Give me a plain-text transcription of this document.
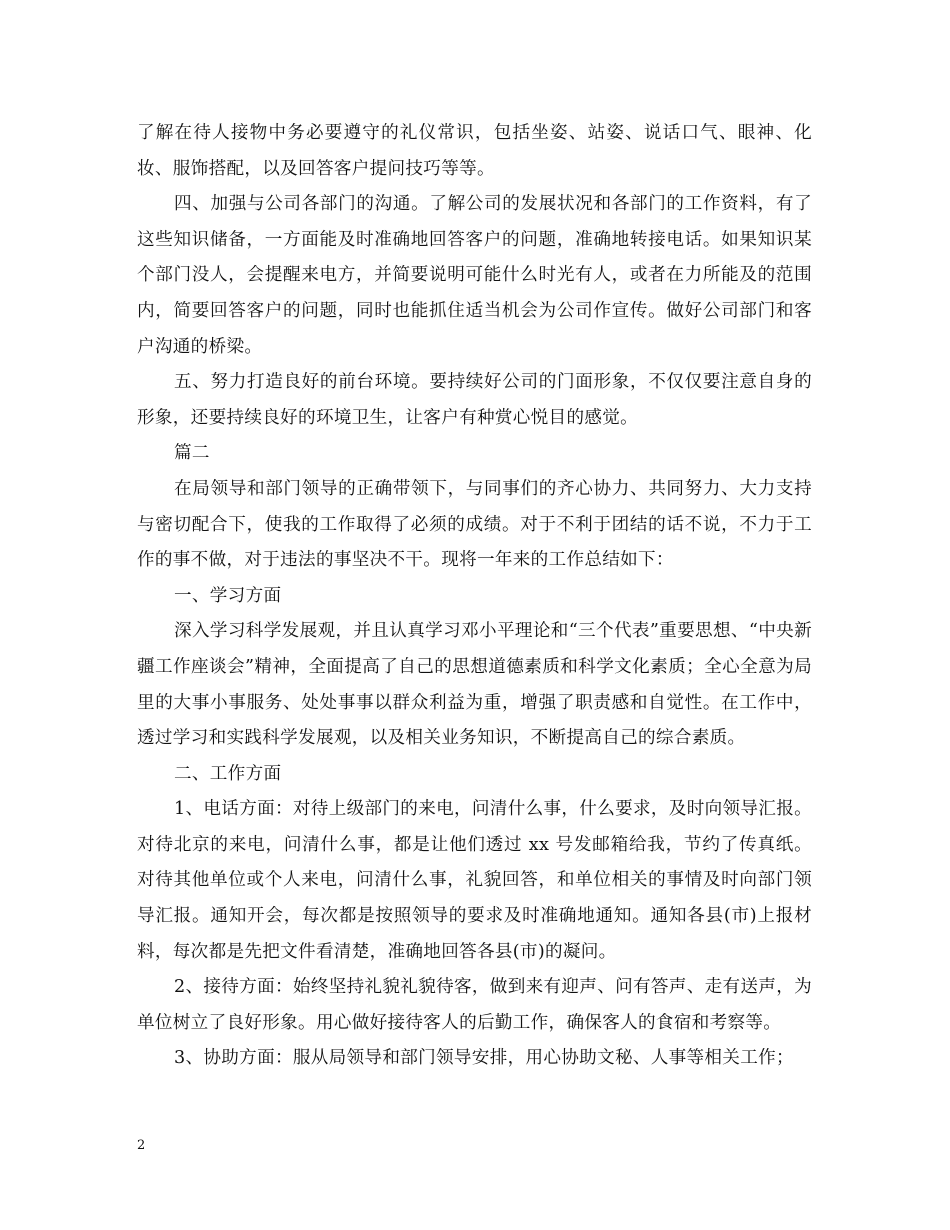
了解在待人接物中务必要遵守的礼仪常识，包括坐姿、站姿、说话口气、眼神、化妆、服饰搭配，以及回答客户提问技巧等等。

四、加强与公司各部门的沟通。了解公司的发展状况和各部门的工作资料，有了这些知识储备，一方面能及时准确地回答客户的问题，准确地转接电话。如果知识某个部门没人，会提醒来电方，并简要说明可能什么时光有人，或者在力所能及的范围内，简要回答客户的问题，同时也能抓住适当机会为公司作宣传。做好公司部门和客户沟通的桥梁。

五、努力打造良好的前台环境。要持续好公司的门面形象，不仅仅要注意自身的形象，还要持续良好的环境卫生，让客户有种赏心悦目的感觉。

篇二

在局领导和部门领导的正确带领下，与同事们的齐心协力、共同努力、大力支持与密切配合下，使我的工作取得了必须的成绩。对于不利于团结的话不说，不力于工作的事不做，对于违法的事坚决不干。现将一年来的工作总结如下：

一、学习方面

深入学习科学发展观，并且认真学习邓小平理论和“三个代表”重要思想、“中央新疆工作座谈会”精神，全面提高了自己的思想道德素质和科学文化素质；全心全意为局里的大事小事服务、处处事事以群众利益为重，增强了职责感和自觉性。在工作中，透过学习和实践科学发展观，以及相关业务知识，不断提高自己的综合素质。

二、工作方面

1、电话方面：对待上级部门的来电，问清什么事，什么要求，及时向领导汇报。对待北京的来电，问清什么事，都是让他们透过 xx 号发邮箱给我，节约了传真纸。对待其他单位或个人来电，问清什么事，礼貌回答，和单位相关的事情及时向部门领导汇报。通知开会，每次都是按照领导的要求及时准确地通知。通知各县(市)上报材料，每次都是先把文件看清楚，准确地回答各县(市)的凝问。

2、接待方面：始终坚持礼貌礼貌待客，做到来有迎声、问有答声、走有送声，为单位树立了良好形象。用心做好接待客人的后勤工作，确保客人的食宿和考察等。

3、协助方面：服从局领导和部门领导安排，用心协助文秘、人事等相关工作；

2
